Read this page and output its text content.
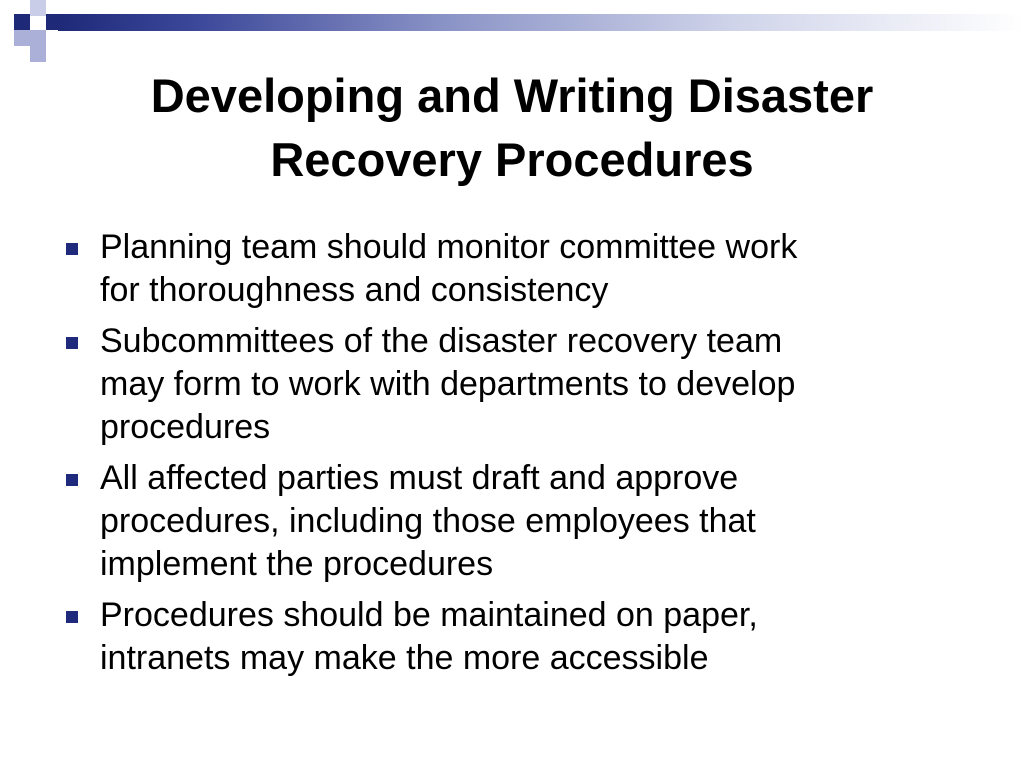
Developing and Writing Disaster
Recovery Procedures
Planning team should monitor committee work
for thoroughness and consistency
Subcommittees of the disaster recovery team
may form to work with departments to develop
procedures
All affected parties must draft and approve
procedures, including those employees that
implement the procedures
Procedures should be maintained on paper,
intranets may make the more accessible
